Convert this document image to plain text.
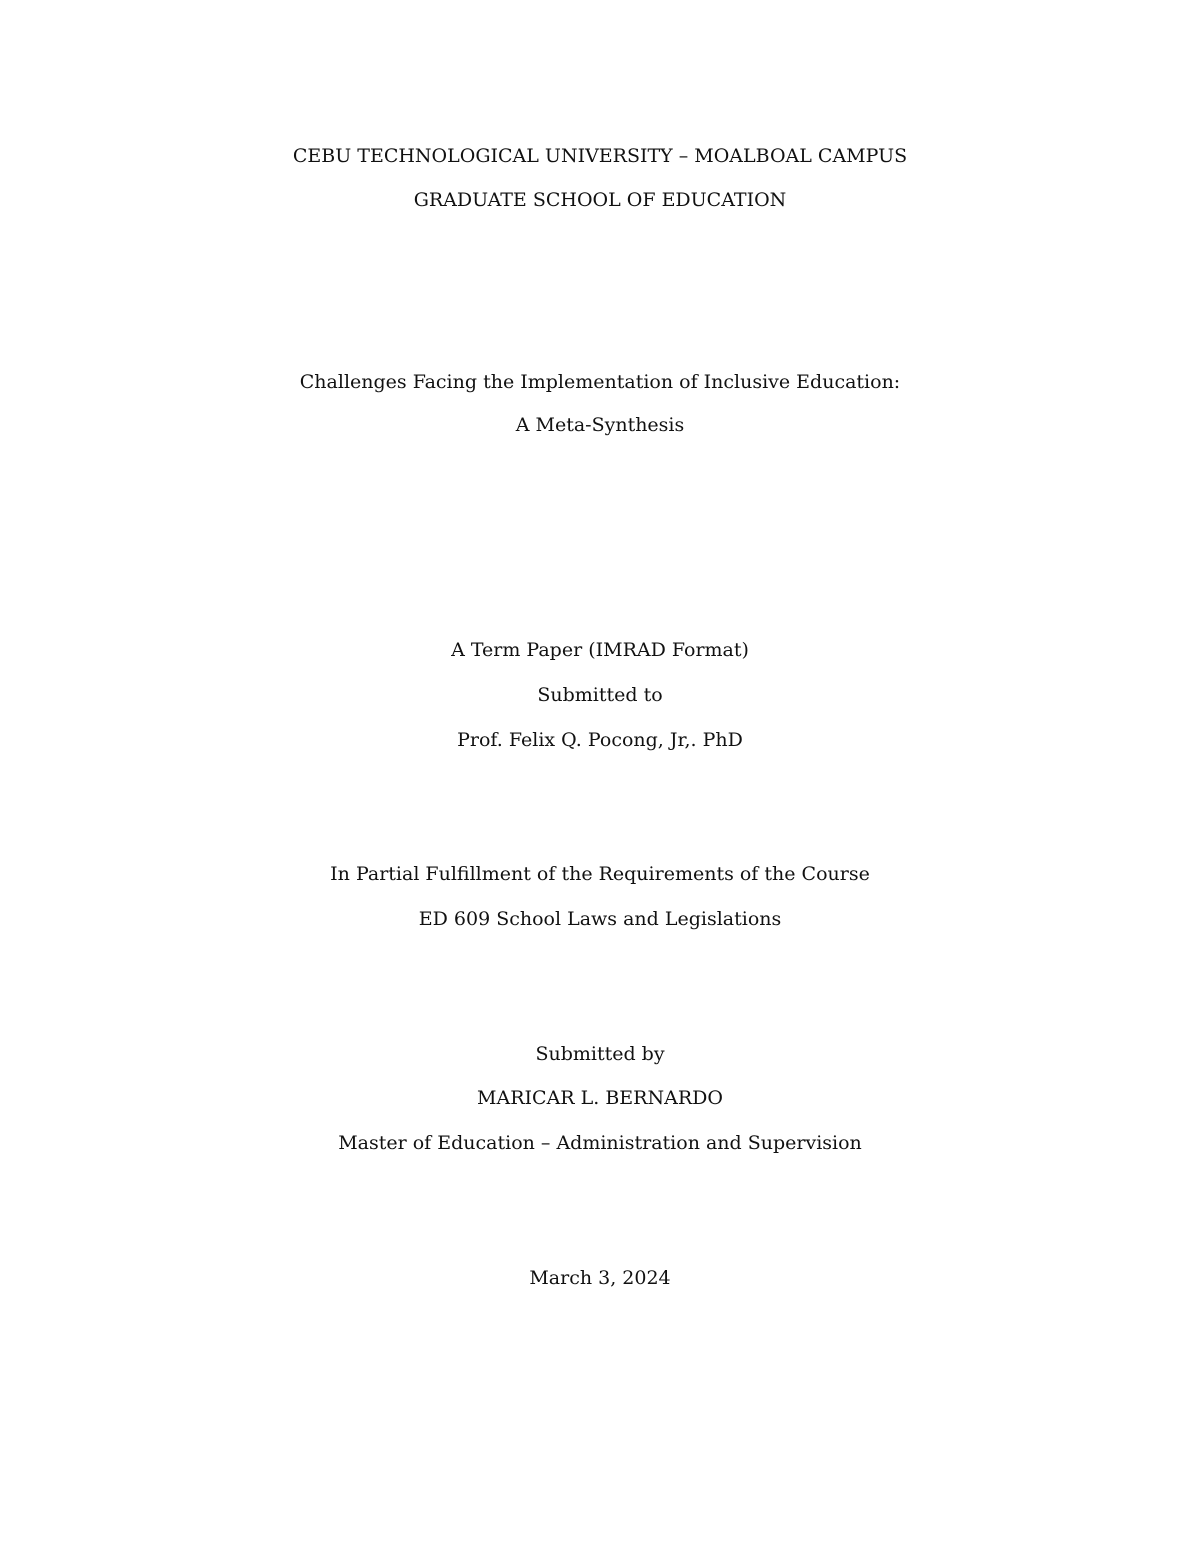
CEBU TECHNOLOGICAL UNIVERSITY – MOALBOAL CAMPUS
GRADUATE SCHOOL OF EDUCATION
Challenges Facing the Implementation of Inclusive Education:
A Meta-Synthesis
A Term Paper (IMRAD Format)
Submitted to
Prof. Felix Q. Pocong, Jr,. PhD
In Partial Fulfillment of the Requirements of the Course
ED 609 School Laws and Legislations
Submitted by
MARICAR L. BERNARDO
Master of Education – Administration and Supervision
March 3, 2024
